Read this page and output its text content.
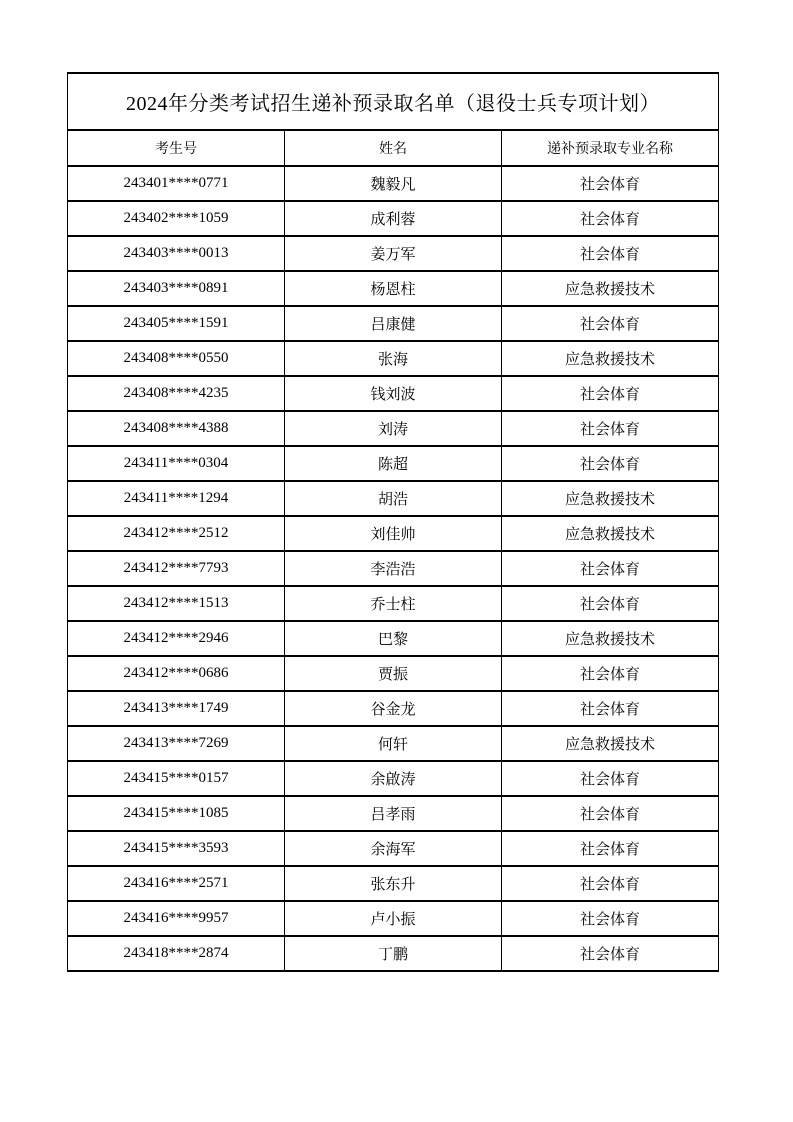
2024年分类考试招生递补预录取名单（退役士兵专项计划）		
考生号	姓名	递补预录取专业名称
243401****0771	魏毅凡	社会体育
243402****1059	成利蓉	社会体育
243403****0013	姜万军	社会体育
243403****0891	杨恩柱	应急救援技术
243405****1591	吕康健	社会体育
243408****0550	张海	应急救援技术
243408****4235	钱刘波	社会体育
243408****4388	刘涛	社会体育
243411****0304	陈超	社会体育
243411****1294	胡浩	应急救援技术
243412****2512	刘佳帅	应急救援技术
243412****7793	李浩浩	社会体育
243412****1513	乔士柱	社会体育
243412****2946	巴黎	应急救援技术
243412****0686	贾振	社会体育
243413****1749	谷金龙	社会体育
243413****7269	何轩	应急救援技术
243415****0157	余啟涛	社会体育
243415****1085	吕孝雨	社会体育
243415****3593	余海军	社会体育
243416****2571	张东升	社会体育
243416****9957	卢小振	社会体育
243418****2874	丁鹏	社会体育
